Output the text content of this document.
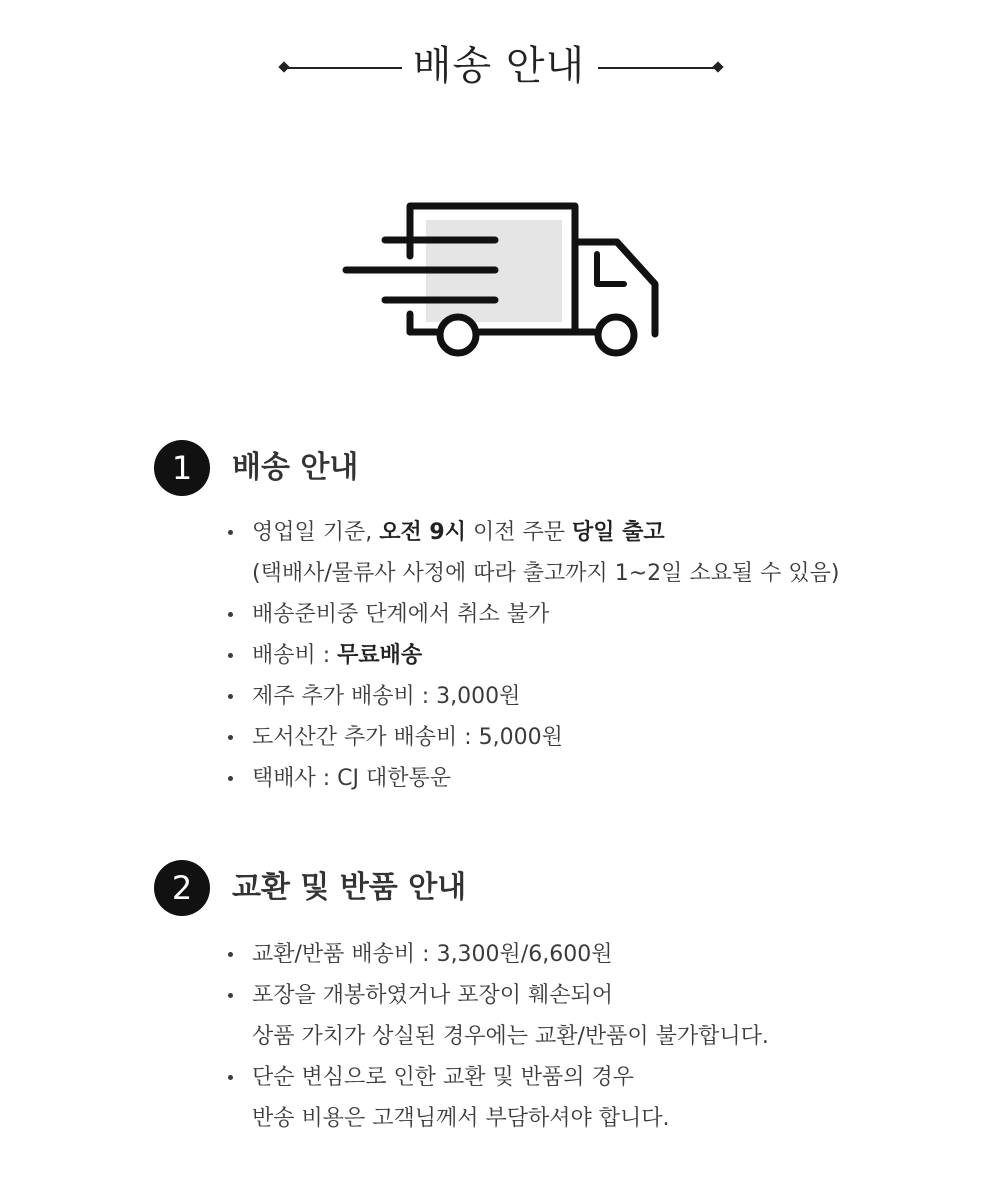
배송 안내
1	배송 안내
영업일 기준, 오전 9시 이전 주문 당일 출고
(택배사/물류사 사정에 따라 출고까지 1~2일 소요될 수 있음)
배송준비중 단계에서 취소 불가
배송비 : 무료배송
제주 추가 배송비 : 3,000원
도서산간 추가 배송비 : 5,000원
택배사 : CJ 대한통운
2	교환 및 반품 안내
교환/반품 배송비 : 3,300원/6,600원
포장을 개봉하였거나 포장이 훼손되어
상품 가치가 상실된 경우에는 교환/반품이 불가합니다.
단순 변심으로 인한 교환 및 반품의 경우
반송 비용은 고객님께서 부담하셔야 합니다.
